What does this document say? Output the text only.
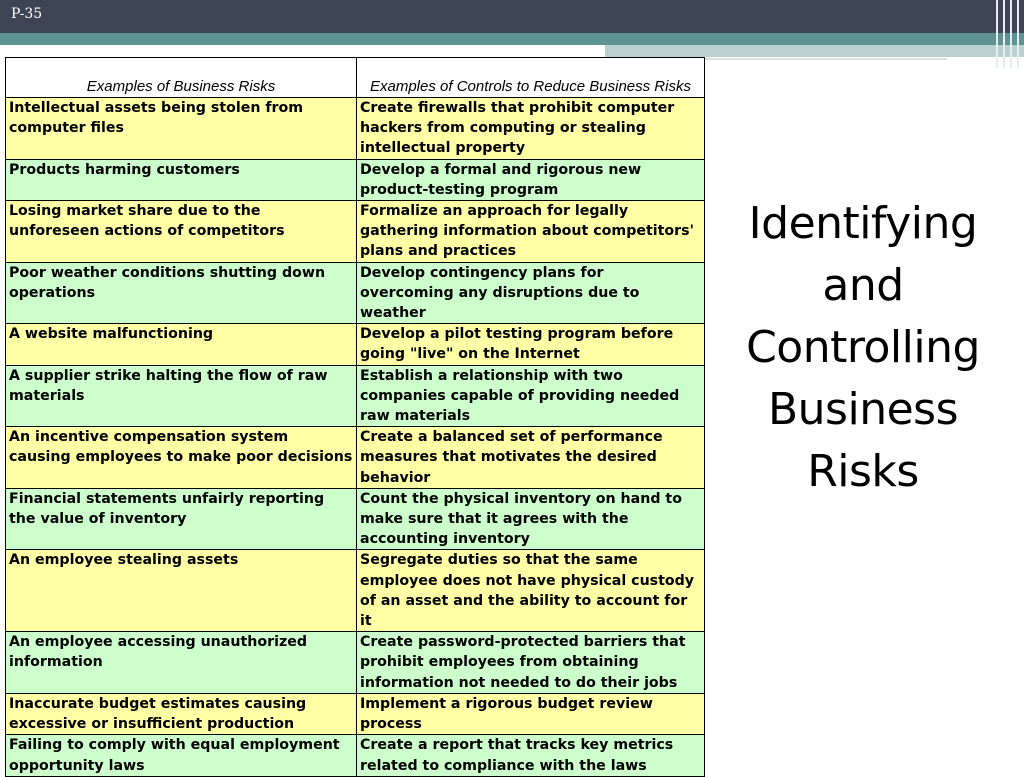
P-35
Examples of Business Risks	Examples of Controls to Reduce Business Risks
Intellectual assets being stolen from computer files	Create firewalls that prohibit computer hackers from computing or stealing intellectual property
Products harming customers	Develop a formal and rigorous new product-testing program
Losing market share due to the unforeseen actions of competitors	Formalize an approach for legally gathering information about competitors' plans and practices
Poor weather conditions shutting down operations	Develop contingency plans for overcoming any disruptions due to weather
A website malfunctioning	Develop a pilot testing program before going "live" on the Internet
A supplier strike halting the flow of raw materials	Establish a relationship with two companies capable of providing needed raw materials
An incentive compensation system causing employees to make poor decisions	Create a balanced set of performance measures that motivates the desired behavior
Financial statements unfairly reporting the value of inventory	Count the physical inventory on hand to make sure that it agrees with the accounting inventory
An employee stealing assets	Segregate duties so that the same employee does not have physical custody of an asset and the ability to account for it
An employee accessing unauthorized information	Create password-protected barriers that prohibit employees from obtaining information not needed to do their jobs
Inaccurate budget estimates causing excessive or insufficient production	Implement a rigorous budget review process
Failing to comply with equal employment opportunity laws	Create a report that tracks key metrics related to compliance with the laws
Identifying
and
Controlling
Business
Risks
